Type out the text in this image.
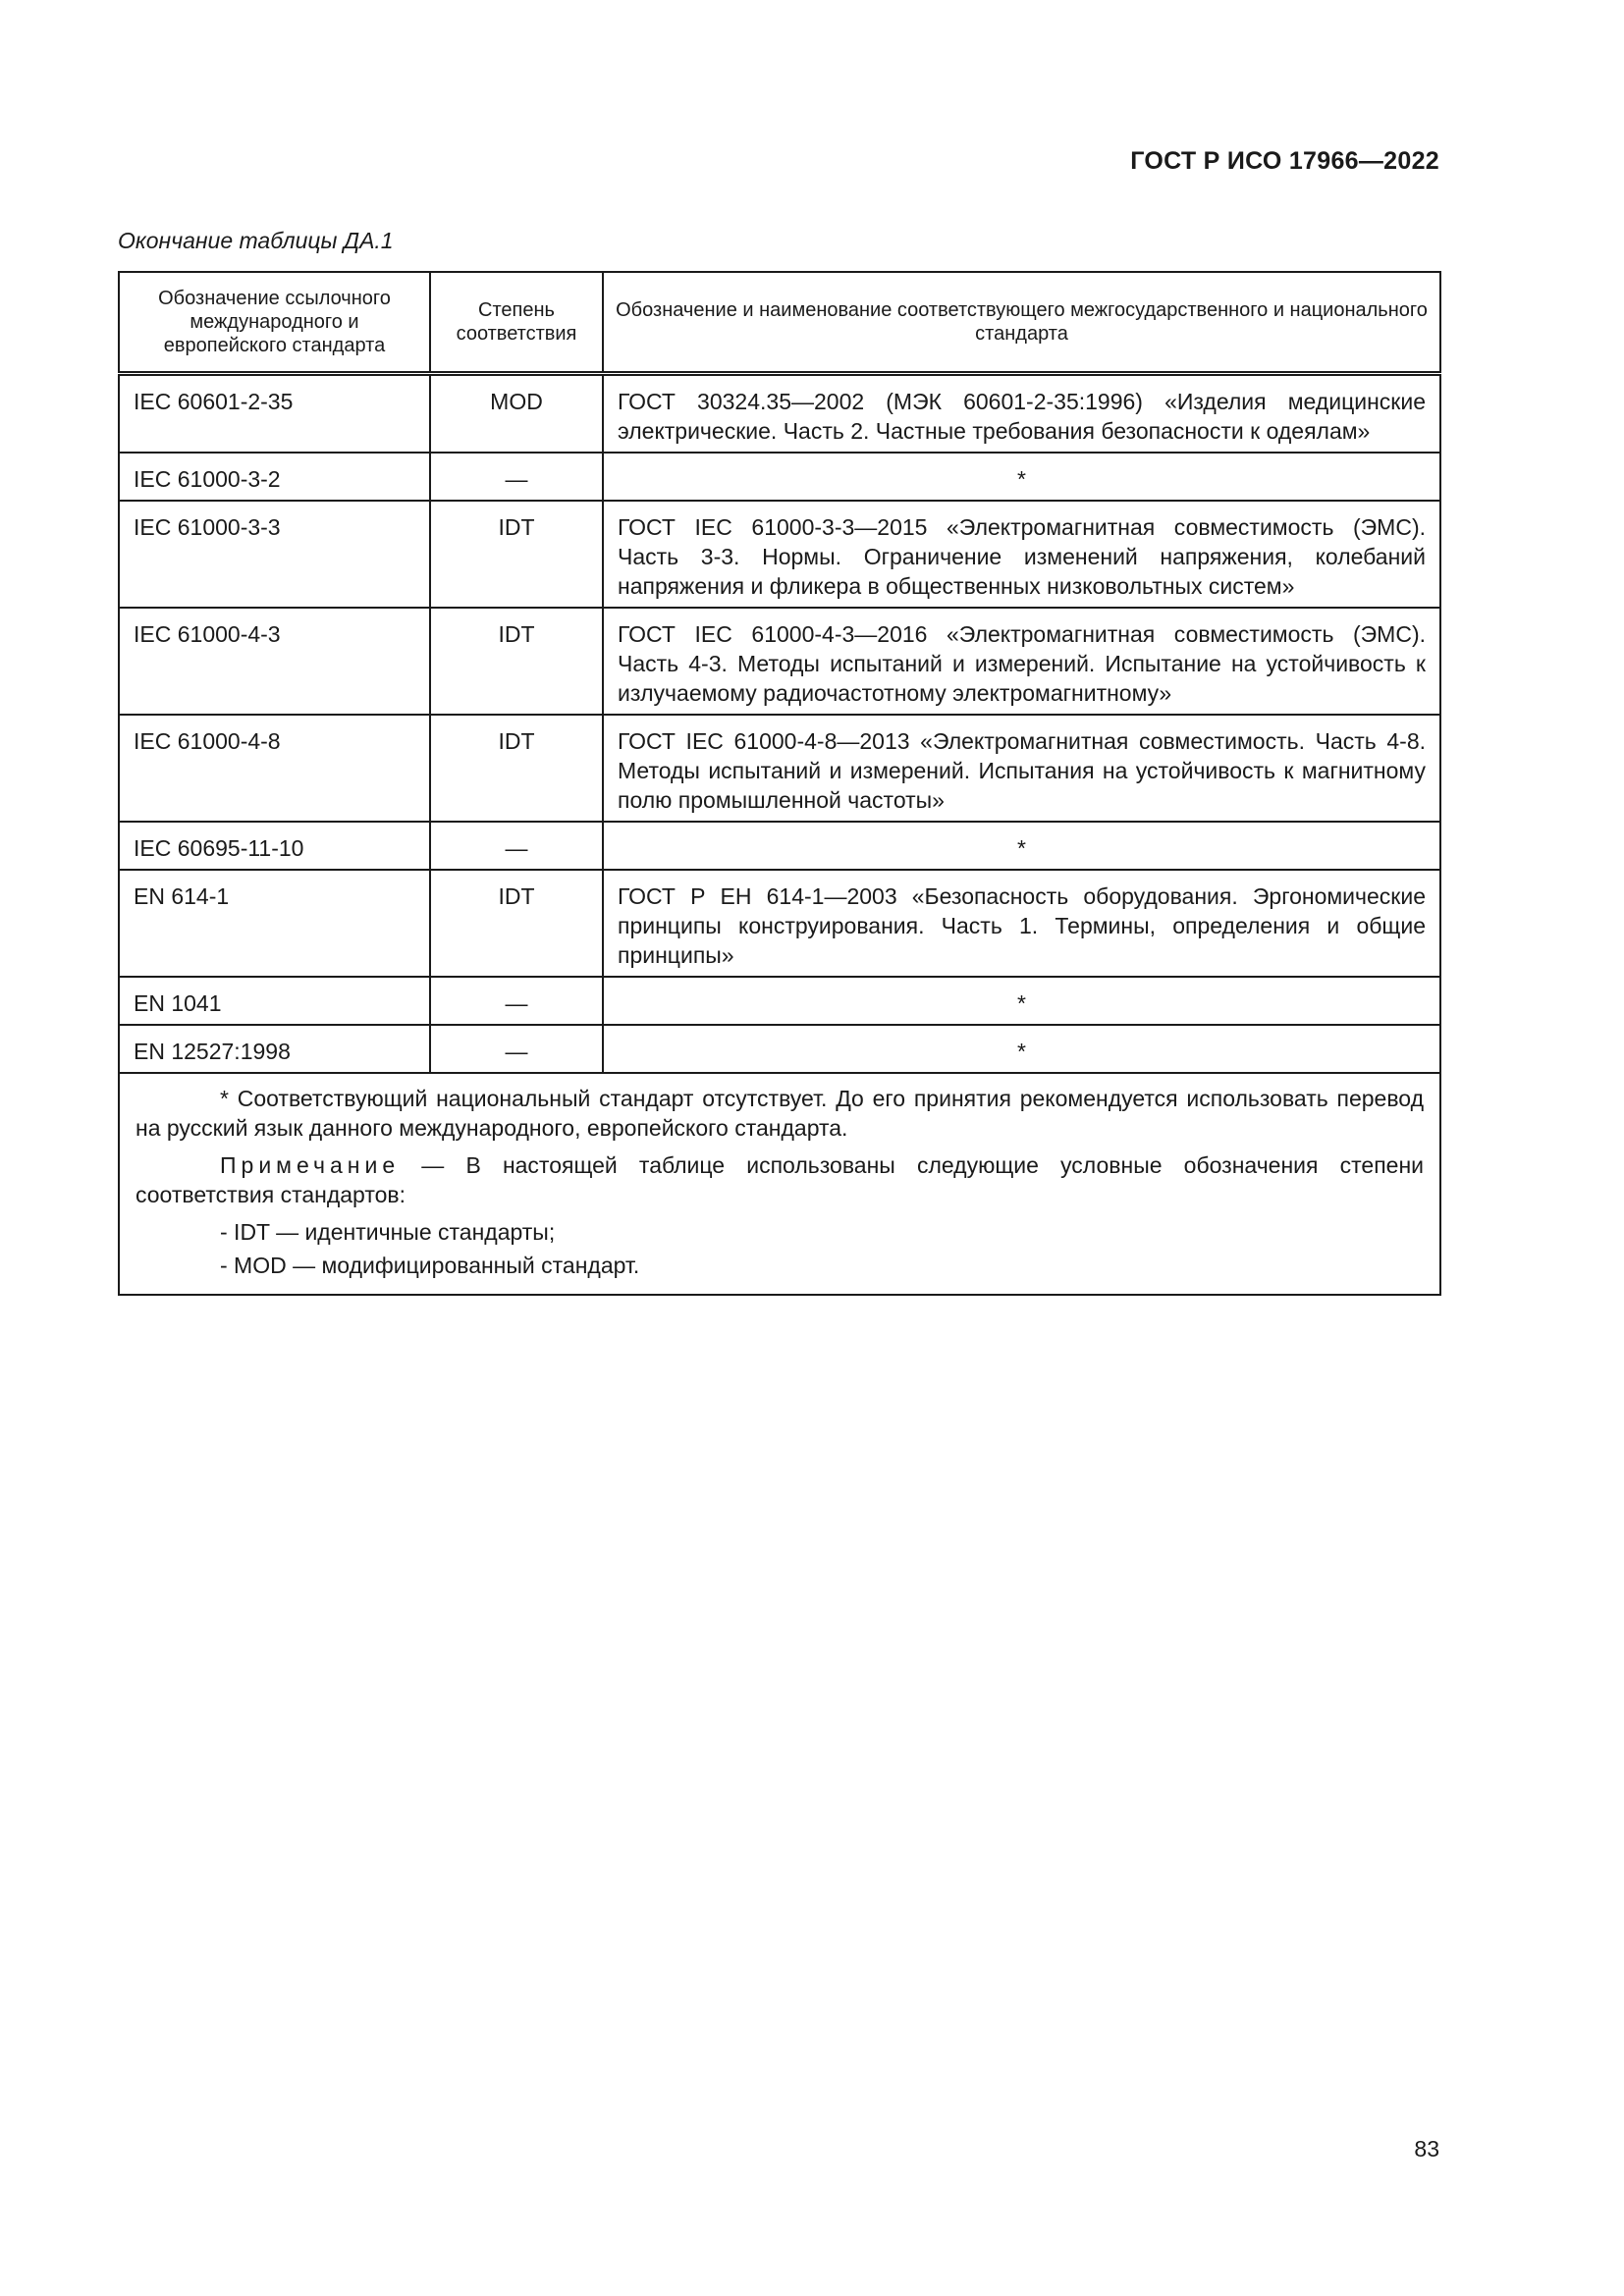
ГОСТ Р ИСО 17966—2022
Окончание таблицы ДА.1
Обозначение ссылочного международного и европейского стандарта	Степень соответствия	Обозначение и наименование соответствующего межгосударственного и национального стандарта
IEC 60601-2-35	MOD	ГОСТ 30324.35—2002 (МЭК 60601-2-35:1996) «Изделия медицинские электрические. Часть 2. Частные требования безопасности к одеялам»
IEC 61000-3-2	—	*
IEC 61000-3-3	IDT	ГОСТ IEC 61000-3-3—2015 «Электромагнитная совместимость (ЭМС). Часть 3-3. Нормы. Ограничение изменений напряжения, колебаний напряжения и фликера в общественных низковольтных систем»
IEC 61000-4-3	IDT	ГОСТ IEC 61000-4-3—2016 «Электромагнитная совместимость (ЭМС). Часть 4-3. Методы испытаний и измерений. Испытание на устойчивость к излучаемому радиочастотному электромагнитному»
IEC 61000-4-8	IDT	ГОСТ IEC 61000-4-8—2013 «Электромагнитная совместимость. Часть 4-8. Методы испытаний и измерений. Испытания на устойчивость к магнитному полю промышленной частоты»
IEC 60695-11-10	—	*
EN 614-1	IDT	ГОСТ Р ЕН 614-1—2003 «Безопасность оборудования. Эргономические принципы конструирования. Часть 1. Термины, определения и общие принципы»
EN 1041	—	*
EN 12527:1998	—	*

* Соответствующий национальный стандарт отсутствует. До его принятия рекомендуется использовать перевод на русский язык данного международного, европейского стандарта.

Примечание — В настоящей таблице использованы следующие условные обозначения степени соответствия стандартов:

- IDT — идентичные стандарты;

- MOD — модифицированный стандарт.		

83
